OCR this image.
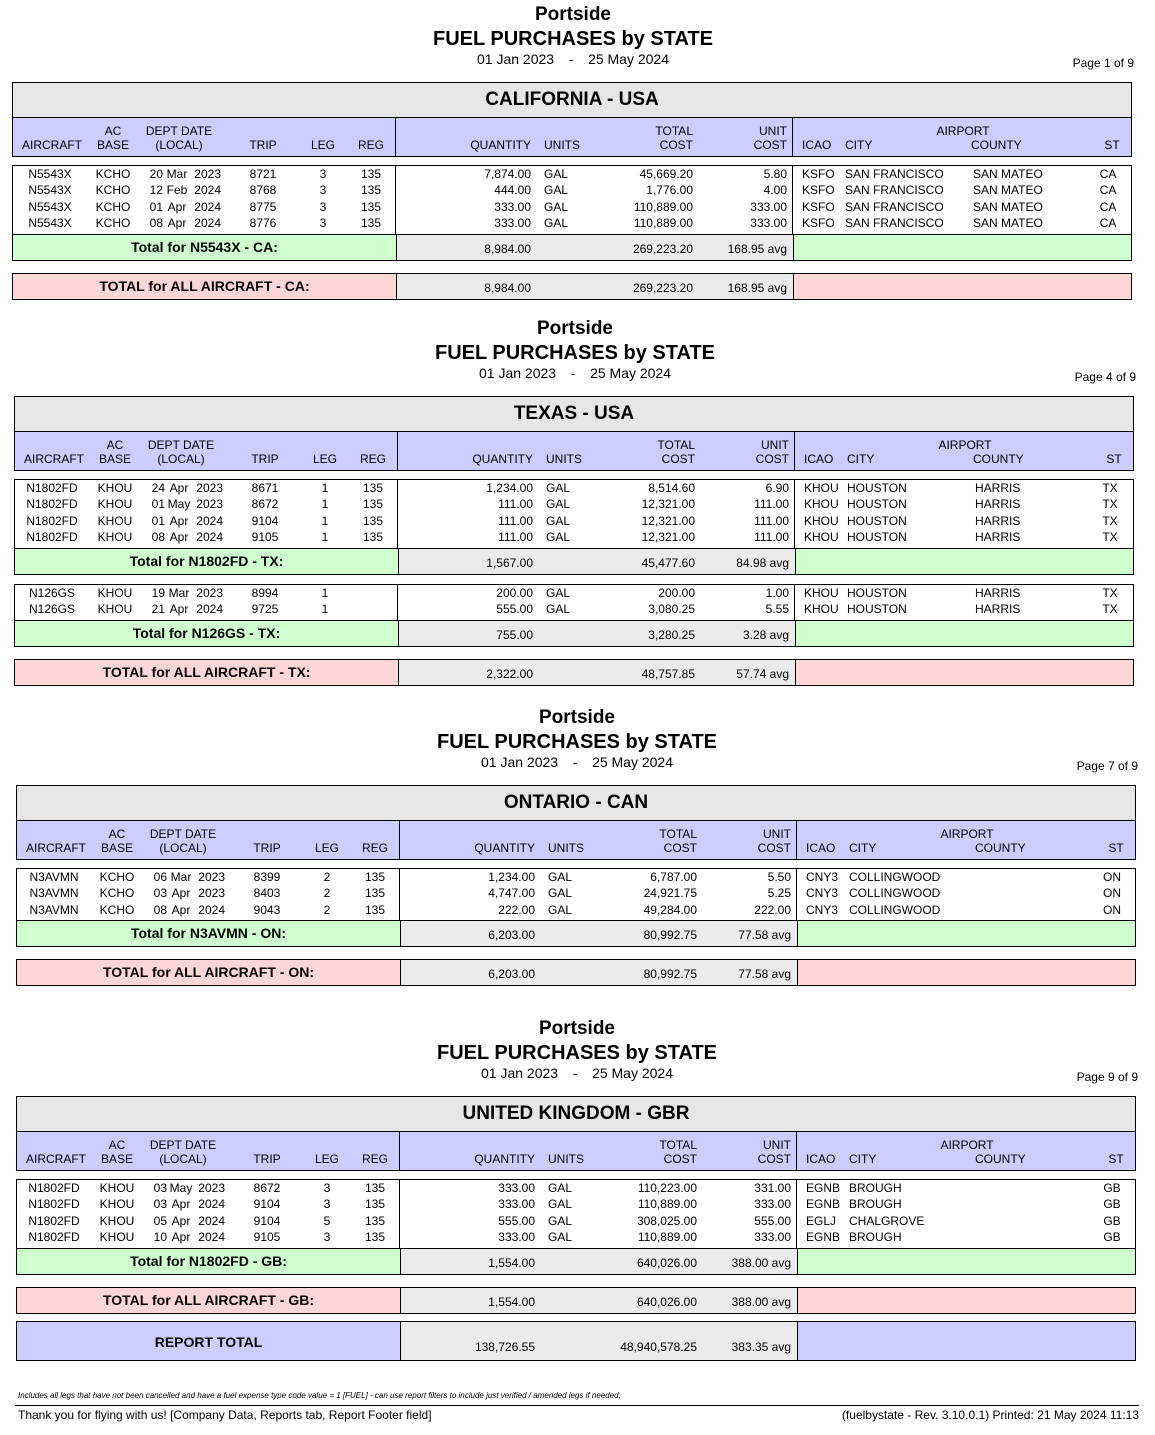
Portside
FUEL PURCHASES by STATE
01 Jan 2023 - 25 May 2024	Page 1 of 9
CALIFORNIA - USA
AIRCRAFT
AC
BASE
DEPT DATE
(LOCAL)	TRIP	LEG	REG	QUANTITY UNITS
TOTAL
COST
UNIT
COST
AIRPORT
ICAO	CITY	COUNTY	ST
N5543X	KCHO	20 Mar 2023	8721	3	135	7,874.00 GAL	45,669.20	5.80 KSFO SAN FRANCISCO	SAN MATEO	CA
N5543X	KCHO	12 Feb 2024	8768	3	135	444.00 GAL	1,776.00	4.00 KSFO SAN FRANCISCO	SAN MATEO	CA
N5543X	KCHO	01 Apr 2024	8775	3	135	333.00 GAL	110,889.00	333.00 KSFO SAN FRANCISCO	SAN MATEO	CA
N5543X	KCHO	08 Apr 2024	8776	3	135	333.00 GAL	110,889.00	333.00 KSFO SAN FRANCISCO	SAN MATEO	CA
Total for N5543X - CA:	8,984.00	269,223.20	168.95 avg
TOTAL for ALL AIRCRAFT - CA:	8,984.00	269,223.20	168.95 avg
Portside
FUEL PURCHASES by STATE
01 Jan 2023 - 25 May 2024	Page 4 of 9
TEXAS - USA
AIRCRAFT
AC
BASE
DEPT DATE
(LOCAL)	TRIP	LEG	REG	QUANTITY UNITS
TOTAL
COST
UNIT
COST
AIRPORT
ICAO	CITY	COUNTY	ST
N1802FD	KHOU	24 Apr 2023	8671	1	135	1,234.00 GAL	8,514.60	6.90 KHOU HOUSTON	HARRIS	TX
N1802FD	KHOU	01 May 2023	8672	1	135	111.00 GAL	12,321.00	111.00 KHOU HOUSTON	HARRIS	TX
N1802FD	KHOU	01 Apr 2024	9104	1	135	111.00 GAL	12,321.00	111.00 KHOU HOUSTON	HARRIS	TX
N1802FD	KHOU	08 Apr 2024	9105	1	135	111.00 GAL	12,321.00	111.00 KHOU HOUSTON	HARRIS	TX
Total for N1802FD - TX:	1,567.00	45,477.60	84.98 avg
N126GS	KHOU	19 Mar 2023	8994	1	200.00 GAL	200.00	1.00 KHOU HOUSTON	HARRIS	TX
N126GS	KHOU	21 Apr 2024	9725	1	555.00 GAL	3,080.25	5.55 KHOU HOUSTON	HARRIS	TX
Total for N126GS - TX:	755.00	3,280.25	3.28 avg
TOTAL for ALL AIRCRAFT - TX:	2,322.00	48,757.85	57.74 avg
Portside
FUEL PURCHASES by STATE
01 Jan 2023 - 25 May 2024	Page 7 of 9
ONTARIO - CAN
AIRCRAFT
AC
BASE
DEPT DATE
(LOCAL)	TRIP	LEG	REG	QUANTITY UNITS
TOTAL
COST
UNIT
COST
AIRPORT
ICAO	CITY	COUNTY	ST
N3AVMN	KCHO	06 Mar 2023	8399	2	135	1,234.00 GAL	6,787.00	5.50 CNY3 COLLINGWOOD	ON
N3AVMN	KCHO	03 Apr 2023	8403	2	135	4,747.00 GAL	24,921.75	5.25 CNY3 COLLINGWOOD	ON
N3AVMN	KCHO	08 Apr 2024	9043	2	135	222.00 GAL	49,284.00	222.00 CNY3 COLLINGWOOD	ON
Total for N3AVMN - ON:	6,203.00	80,992.75	77.58 avg
TOTAL for ALL AIRCRAFT - ON:	6,203.00	80,992.75	77.58 avg
Portside
FUEL PURCHASES by STATE
01 Jan 2023 - 25 May 2024	Page 9 of 9
UNITED KINGDOM - GBR
AIRCRAFT
AC
BASE
DEPT DATE
(LOCAL)	TRIP	LEG	REG	QUANTITY UNITS
TOTAL
COST
UNIT
COST
AIRPORT
ICAO	CITY	COUNTY	ST
N1802FD	KHOU	03 May 2023	8672	3	135	333.00 GAL	110,223.00	331.00 EGNB BROUGH	GB
N1802FD	KHOU	03 Apr 2024	9104	3	135	333.00 GAL	110,889.00	333.00 EGNB BROUGH	GB
N1802FD	KHOU	05 Apr 2024	9104	5	135	555.00 GAL	308,025.00	555.00 EGLJ	CHALGROVE	GB
N1802FD	KHOU	10 Apr 2024	9105	3	135	333.00 GAL	110,889.00	333.00 EGNB BROUGH	GB
Total for N1802FD - GB:	1,554.00	640,026.00	388.00 avg
TOTAL for ALL AIRCRAFT - GB:	1,554.00	640,026.00	388.00 avg
REPORT TOTAL	138,726.55	48,940,578.25	383.35 avg
Includes all legs that have not been cancelled and have a fuel expense type code value = 1 [FUEL] - can use report filters to include just verified / amended legs if needed;
Thank you for flying with us! [Company Data, Reports tab, Report Footer field]	(fuelbystate - Rev. 3.10.0.1) Printed: 21 May 2024 11:13
